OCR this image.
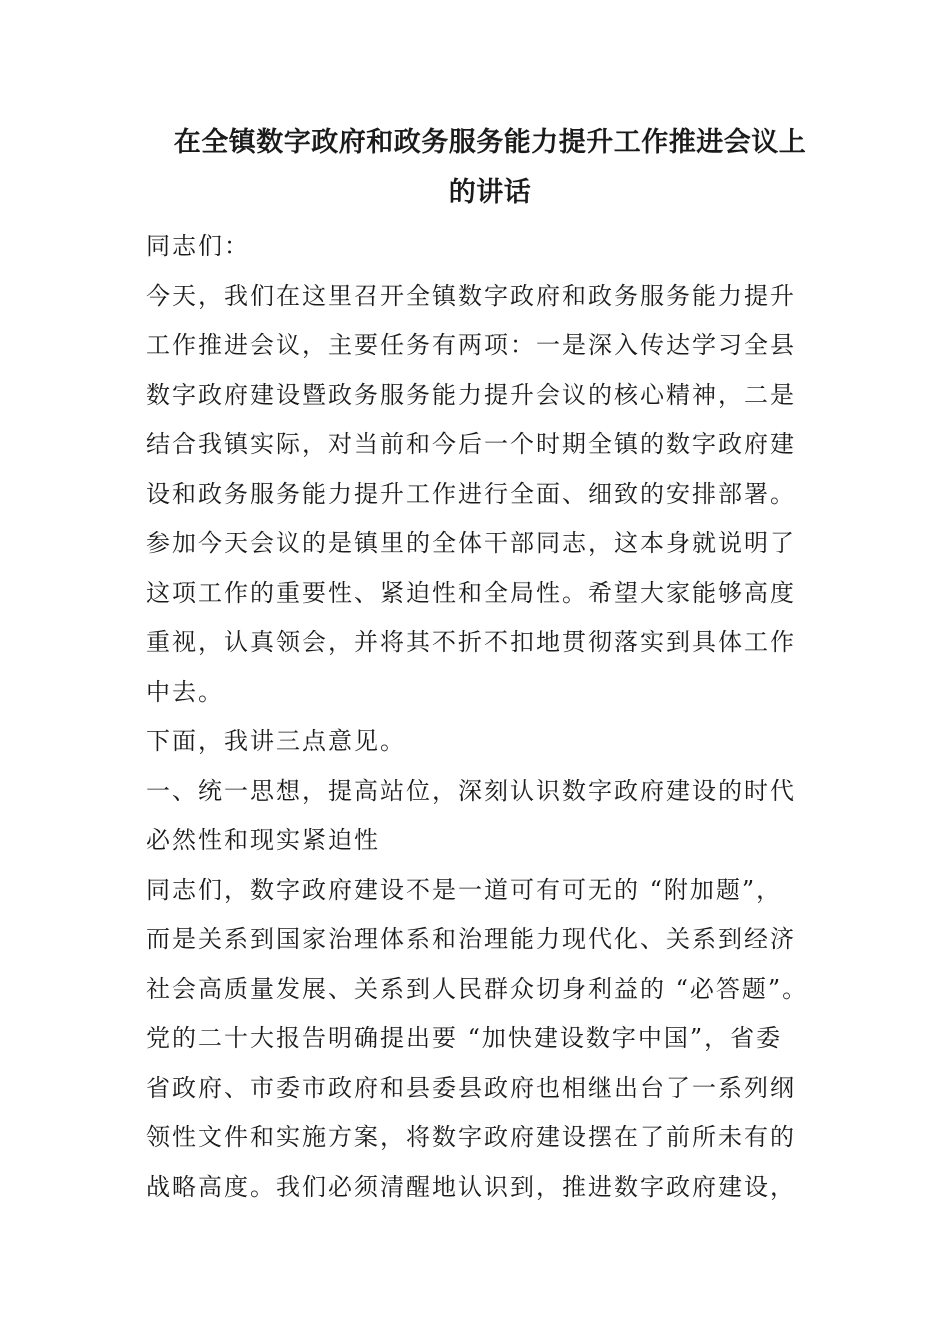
在全镇数字政府和政务服务能力提升工作推进会议上
的讲话

同志们：

今天，我们在这里召开全镇数字政府和政务服务能力提升
工作推进会议，主要任务有两项：一是深入传达学习全县
数字政府建设暨政务服务能力提升会议的核心精神，二是
结合我镇实际，对当前和今后一个时期全镇的数字政府建
设和政务服务能力提升工作进行全面、细致的安排部署。
参加今天会议的是镇里的全体干部同志，这本身就说明了
这项工作的重要性、紧迫性和全局性。希望大家能够高度
重视，认真领会，并将其不折不扣地贯彻落实到具体工作
中去。

下面，我讲三点意见。

一、统一思想，提高站位，深刻认识数字政府建设的时代
必然性和现实紧迫性

同志们，数字政府建设不是一道可有可无的 “附加题”，
而是关系到国家治理体系和治理能力现代化、关系到经济
社会高质量发展、关系到人民群众切身利益的 “必答题”。
党的二十大报告明确提出要 “加快建设数字中国”，省委
省政府、市委市政府和县委县政府也相继出台了一系列纲
领性文件和实施方案，将数字政府建设摆在了前所未有的
战略高度。我们必须清醒地认识到，推进数字政府建设，
